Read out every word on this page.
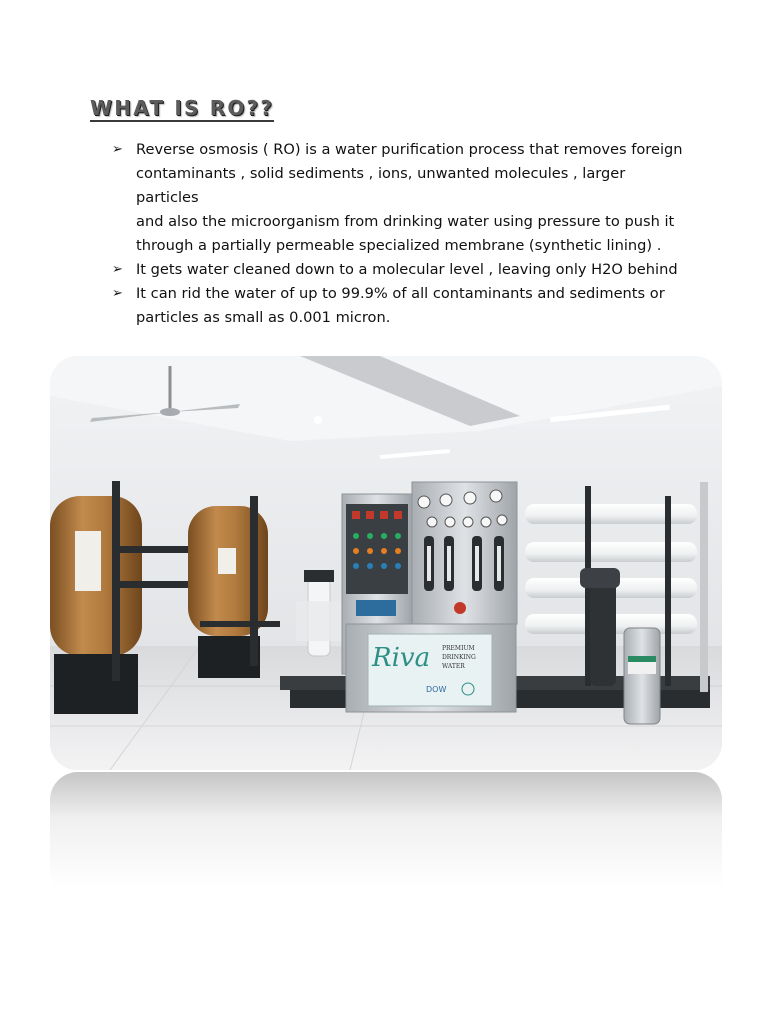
WHAT IS RO??
➢ Reverse osmosis ( RO) is a water purification process that removes foreign
contaminants , solid sediments , ions, unwanted molecules , larger particles
and also the microorganism from drinking water using pressure to push it
through a partially permeable specialized membrane (synthetic lining) .
➢ It gets water cleaned down to a molecular level , leaving only H2O behind
➢ It can rid the water of up to 99.9% of all contaminants and sediments or
particles as small as 0.001 micron.
Riva PREMIUM
DRINKING
WATER
DOW
